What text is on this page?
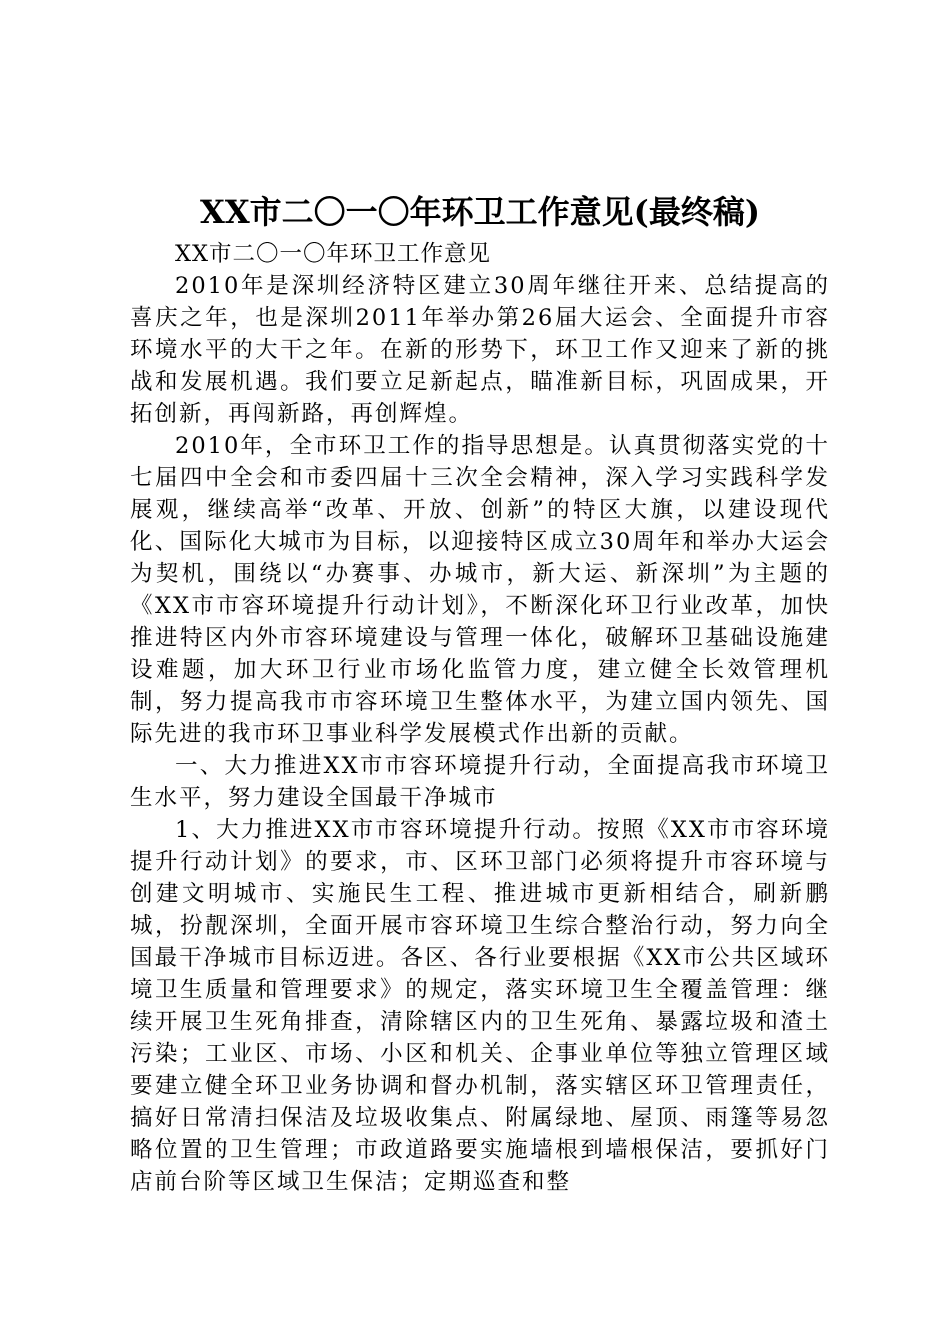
XX市二〇一〇年环卫工作意见(最终稿)

XX市二〇一〇年环卫工作意见

2010年是深圳经济特区建立30周年继往开来、总结提高的喜庆之年，也是深圳2011年举办第26届大运会、全面提升市容环境水平的大干之年。在新的形势下，环卫工作又迎来了新的挑战和发展机遇。我们要立足新起点，瞄准新目标，巩固成果，开拓创新，再闯新路，再创辉煌。

2010年，全市环卫工作的指导思想是。认真贯彻落实党的十七届四中全会和市委四届十三次全会精神，深入学习实践科学发展观，继续高举“改革、开放、创新”的特区大旗，以建设现代化、国际化大城市为目标，以迎接特区成立30周年和举办大运会为契机，围绕以“办赛事、办城市，新大运、新深圳”为主题的《XX市市容环境提升行动计划》，不断深化环卫行业改革，加快推进特区内外市容环境建设与管理一体化，破解环卫基础设施建设难题，加大环卫行业市场化监管力度，建立健全长效管理机制，努力提高我市市容环境卫生整体水平，为建立国内领先、国际先进的我市环卫事业科学发展模式作出新的贡献。

一、大力推进XX市市容环境提升行动，全面提高我市环境卫生水平，努力建设全国最干净城市

1、大力推进XX市市容环境提升行动。按照《XX市市容环境提升行动计划》的要求，市、区环卫部门必须将提升市容环境与创建文明城市、实施民生工程、推进城市更新相结合，刷新鹏城，扮靓深圳，全面开展市容环境卫生综合整治行动，努力向全国最干净城市目标迈进。各区、各行业要根据《XX市公共区域环境卫生质量和管理要求》的规定，落实环境卫生全覆盖管理：继续开展卫生死角排查，清除辖区内的卫生死角、暴露垃圾和渣土污染；工业区、市场、小区和机关、企事业单位等独立管理区域要建立健全环卫业务协调和督办机制，落实辖区环卫管理责任，搞好日常清扫保洁及垃圾收集点、附属绿地、屋顶、雨篷等易忽略位置的卫生管理；市政道路要实施墙根到墙根保洁，要抓好门店前台阶等区域卫生保洁；定期巡查和整
